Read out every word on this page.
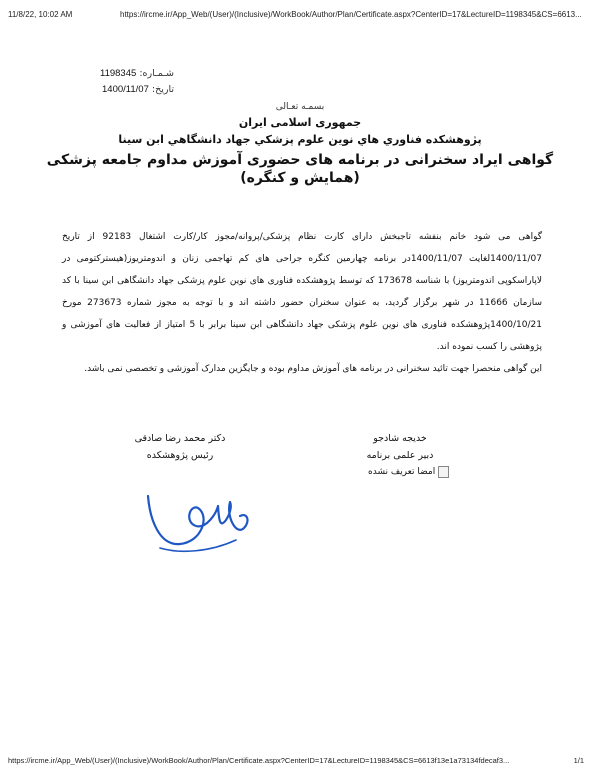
11/8/22, 10:02 AM	https://ircme.ir/App_Web/(User)/(Inclusive)/WorkBook/Author/Plan/Certificate.aspx?CenterID=17&LectureID=1198345&CS=6613...
شـمـاره: 1198345
تاریخ: 1400/11/07
بسمـه تعـالی
جمهوری اسلامی ایران
پژوهشکده فناوري هاي نوين علوم پزشكي جهاد دانشگاهي ابن سينا
گواهی ایراد سخنرانی در برنامه های حضوری آموزش مداوم جامعه پزشکی
(همایش و کنگره)

گواهی می شود خانم بنفشه تاجبخش دارای کارت نظام پزشکی/پروانه/مجوز کار/کارت اشتغال 92183 از تاریخ 1400/11/07لغایت 1400/11/07در برنامه چهارمین کنگره جراحی های کم تهاجمی زنان و اندومتریوز(هیسترکتومی در لاپاراسکوپی اندومتریوز) با شناسه 173678 که توسط پژوهشکده فناوری های نوین علوم پزشکی جهاد دانشگاهی ابن سینا با کد سازمان 11666 در شهر برگزار گردید، به عنوان سخنران حضور داشته اند و با توجه به مجوز شماره 273673 مورخ 1400/10/21پژوهشکده فناوری های نوین علوم پزشکی جهاد دانشگاهی ابن سینا برابر با 5 امتیاز از فعالیت های آموزشی و پژوهشی را کسب نموده اند.

این گواهی منحصرا جهت تائید سخنرانی در برنامه های آموزش مداوم بوده و جایگزین مدارک آموزشی و تخصصی نمی باشد.

خدیجه شادجو
دبیر علمی برنامه
امضا تعریف نشده
دکتر محمد رضا صادقی
رئیس پژوهشکده
https://ircme.ir/App_Web/(User)/(Inclusive)/WorkBook/Author/Plan/Certificate.aspx?CenterID=17&LectureID=1198345&CS=6613f13e1a73134fdecaf3...	1/1
